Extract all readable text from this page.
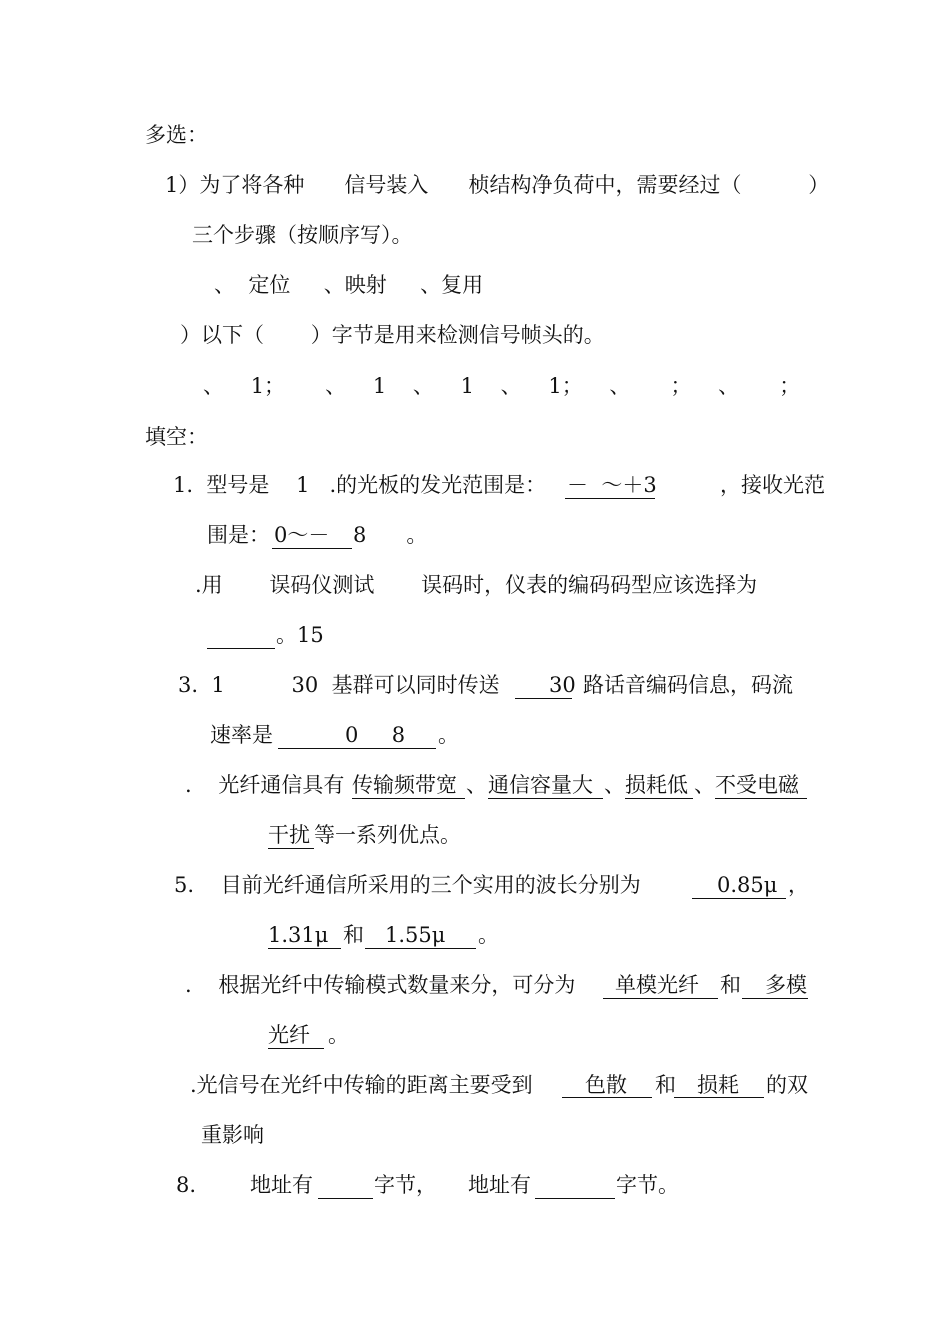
多选：
1）为了将各种      信号装入      桢结构净负荷中，需要经过（          ）
三个步骤（按顺序写）。
、  定位     、映射     、复用
）以下（       ）字节是用来检测信号帧头的。
、    1；      、    1    、    1    、    1；    、      ；    、      ；
填空：
1.  型号是    1   .的光板的发光范围是： －  ～＋3	，接收光范
围是： 0～－ 8      。
.用       误码仪测试       误码时，仪表的编码码型应该选择为
。15
3.  1          30  基群可以同时传送 30 路话音编码信息，码流
速率是	0     8 。
.    光纤通信具有 传输频带宽 、 通信容量大 、 损耗低 、 不受电磁
干扰 等一系列优点。
5.    目前光纤通信所采用的三个实用的波长分别为	0.85μ ，
1.31μ 和 1.55μ 。
.    根据光纤中传输模式数量来分，可分为 单模光纤 和 多模
光纤 。
.光信号在光纤中传输的距离主要受到 色散 和 损耗 的双
重影响
8.	地址有	字节， 地址有	字节。
